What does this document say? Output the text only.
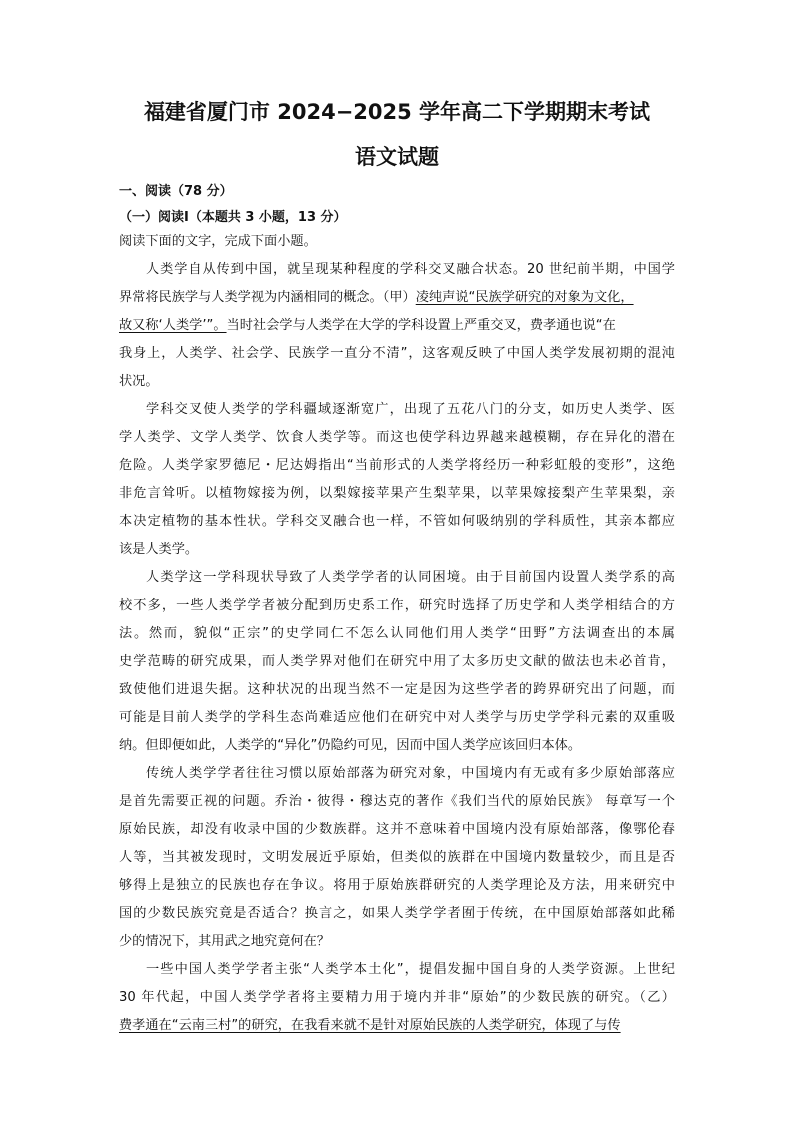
福建省厦门市 2024−2025 学年高二下学期期末考试
语文试题
一、阅读（78 分）
（一）阅读Ⅰ（本题共 3 小题，13 分）
阅读下面的文字，完成下面小题。
人类学自从传到中国，就呈现某种程度的学科交叉融合状态。20 世纪前半期，中国学
界常将民族学与人类学视为内涵相同的概念。（甲）凌纯声说“民族学研究的对象为文化，
故又称‘人类学’”。当时社会学与人类学在大学的学科设置上严重交叉，费孝通也说“在
我身上，人类学、社会学、民族学一直分不清”，这客观反映了中国人类学发展初期的混沌
状况。
学科交叉使人类学的学科疆域逐渐宽广，出现了五花八门的分支，如历史人类学、医
学人类学、文学人类学、饮食人类学等。而这也使学科边界越来越模糊，存在异化的潜在
危险。人类学家罗德尼・尼达姆指出“当前形式的人类学将经历一种彩虹般的变形”，这绝
非危言耸听。以植物嫁接为例，以梨嫁接苹果产生梨苹果，以苹果嫁接梨产生苹果梨，亲
本决定植物的基本性状。学科交叉融合也一样，不管如何吸纳别的学科质性，其亲本都应
该是人类学。
人类学这一学科现状导致了人类学学者的认同困境。由于目前国内设置人类学系的高
校不多，一些人类学学者被分配到历史系工作，研究时选择了历史学和人类学相结合的方
法。然而，貌似“正宗”的史学同仁不怎么认同他们用人类学“田野”方法调查出的本属
史学范畴的研究成果，而人类学界对他们在研究中用了太多历史文献的做法也未必首肯，
致使他们进退失据。这种状况的出现当然不一定是因为这些学者的跨界研究出了问题，而
可能是目前人类学的学科生态尚难适应他们在研究中对人类学与历史学学科元素的双重吸
纳。但即便如此，人类学的“异化”仍隐约可见，因而中国人类学应该回归本体。
传统人类学学者往往习惯以原始部落为研究对象，中国境内有无或有多少原始部落应
是首先需要正视的问题。乔治・彼得・穆达克的著作《我们当代的原始民族》 每章写一个
原始民族，却没有收录中国的少数族群。这并不意味着中国境内没有原始部落，像鄂伦春
人等，当其被发现时，文明发展近乎原始，但类似的族群在中国境内数量较少，而且是否
够得上是独立的民族也存在争议。将用于原始族群研究的人类学理论及方法，用来研究中
国的少数民族究竟是否适合？换言之，如果人类学学者囿于传统，在中国原始部落如此稀
少的情况下，其用武之地究竟何在？
一些中国人类学学者主张“人类学本土化”，提倡发掘中国自身的人类学资源。上世纪
30 年代起，中国人类学学者将主要精力用于境内并非“原始”的少数民族的研究。（乙）
费孝通在“云南三村”的研究，在我看来就不是针对原始民族的人类学研究，体现了与传
